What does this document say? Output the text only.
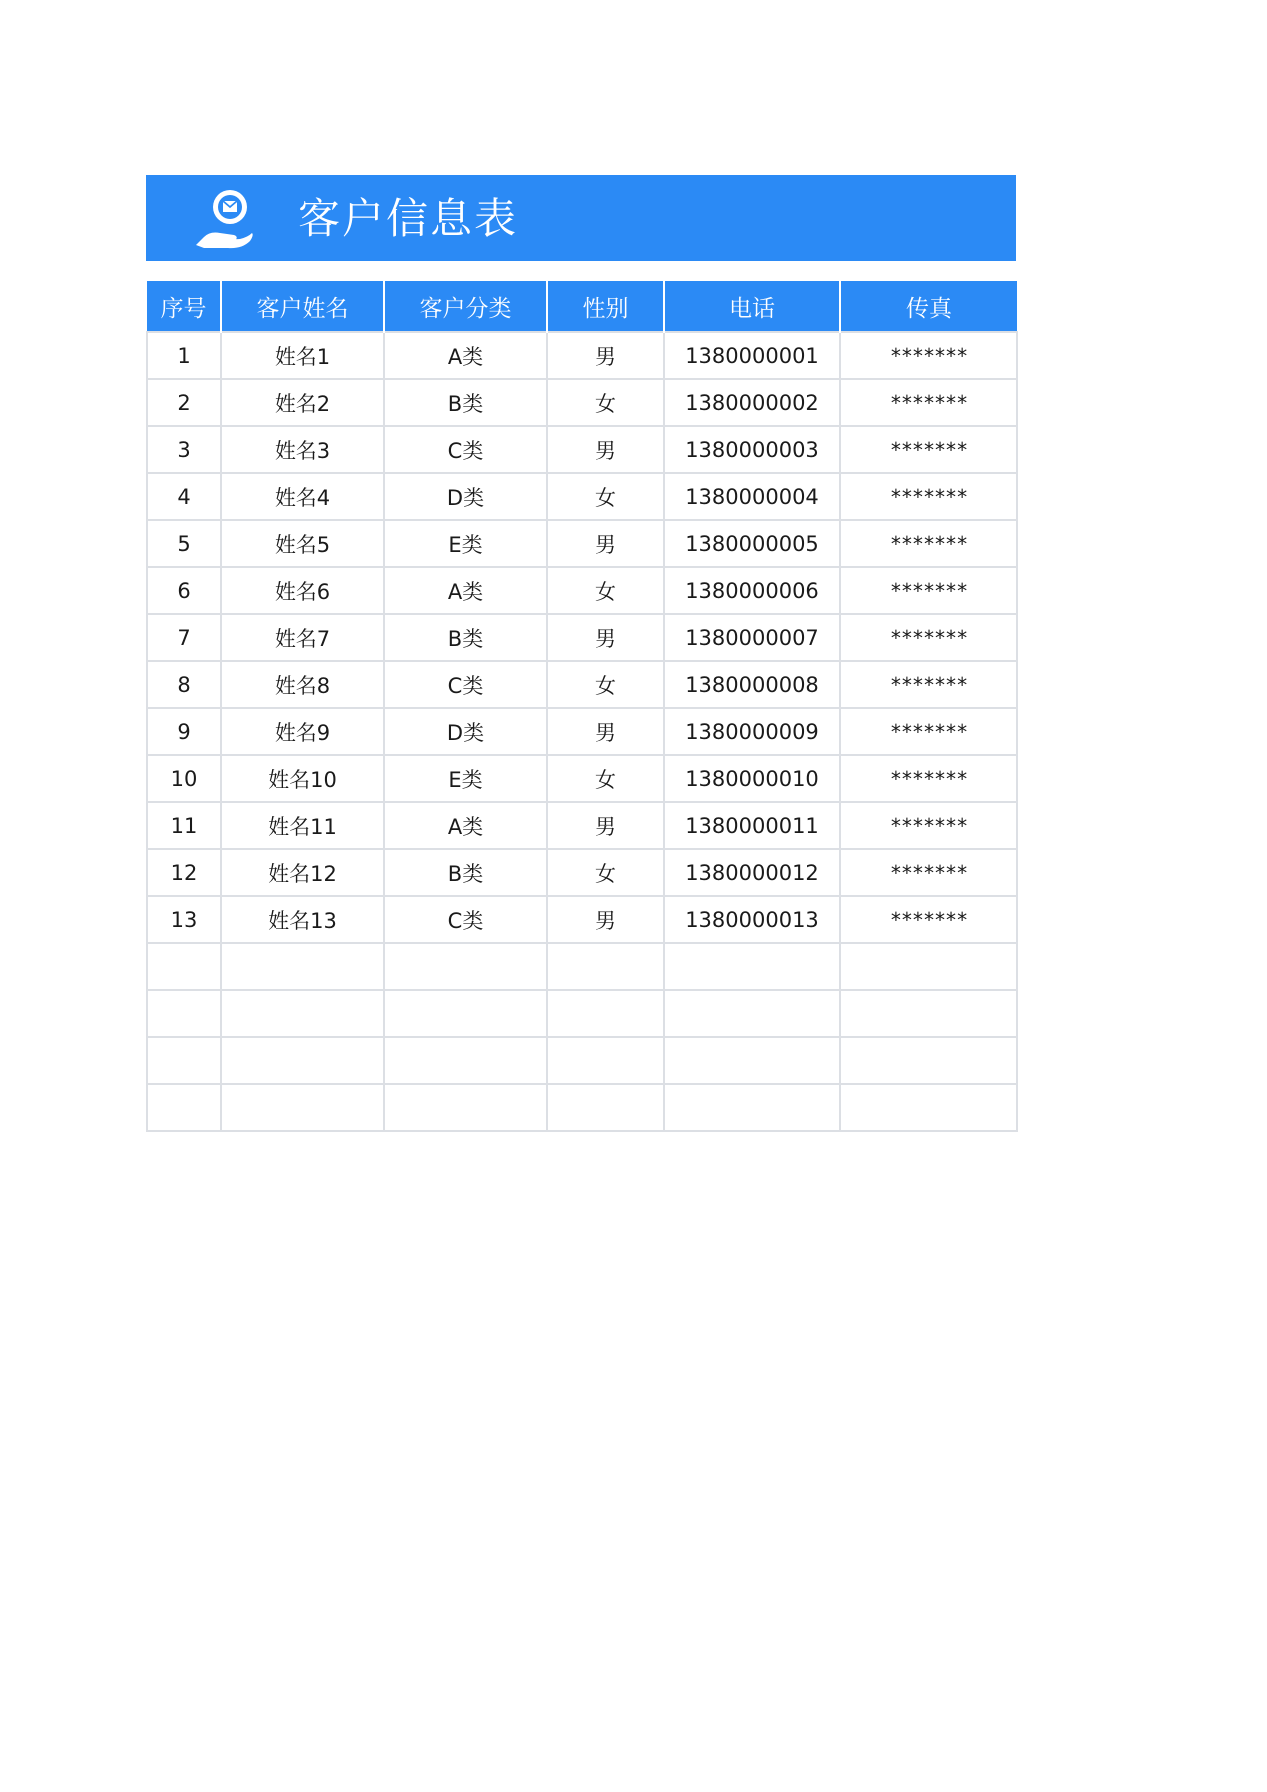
客户信息表
序号	客户姓名	客户分类	性别	电话	传真
1	姓名1	A类	男	1380000001	*******
2	姓名2	B类	女	1380000002	*******
3	姓名3	C类	男	1380000003	*******
4	姓名4	D类	女	1380000004	*******
5	姓名5	E类	男	1380000005	*******
6	姓名6	A类	女	1380000006	*******
7	姓名7	B类	男	1380000007	*******
8	姓名8	C类	女	1380000008	*******
9	姓名9	D类	男	1380000009	*******
10	姓名10	E类	女	1380000010	*******
11	姓名11	A类	男	1380000011	*******
12	姓名12	B类	女	1380000012	*******
13	姓名13	C类	男	1380000013	*******
